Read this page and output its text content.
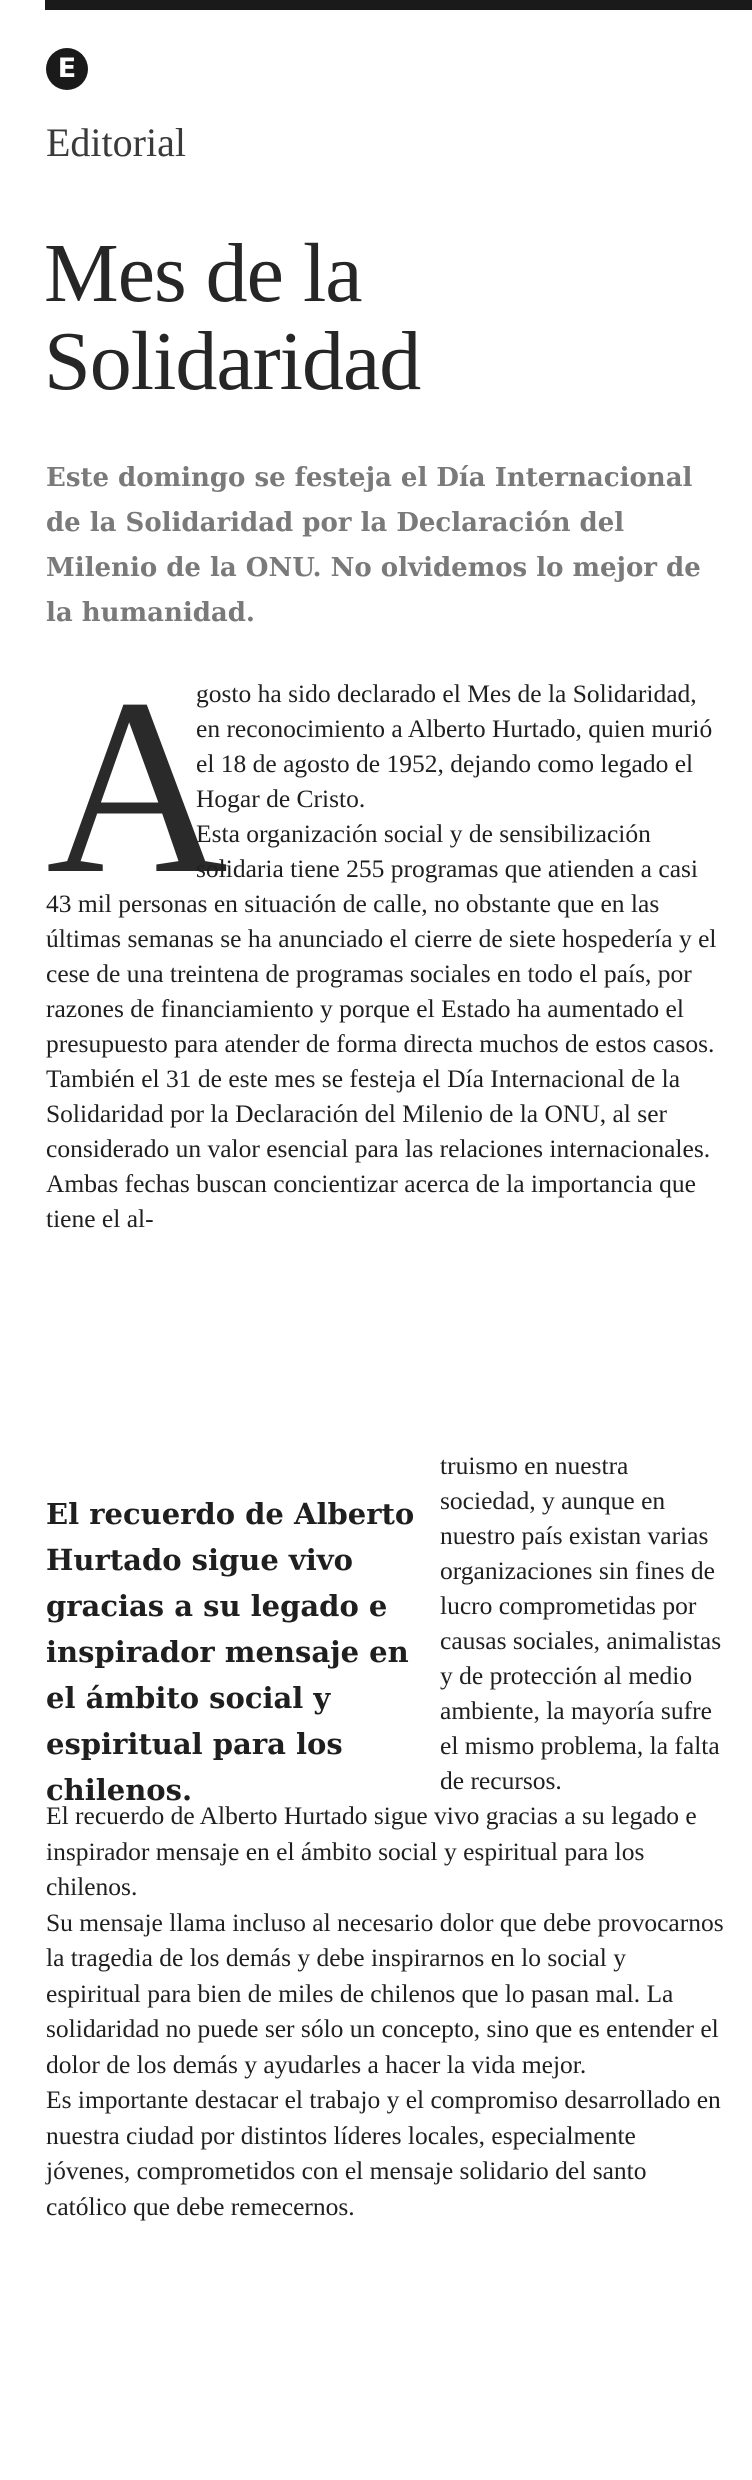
E
Editorial
Mes de la Solidaridad
Este domingo se festeja el Día Internacional de la Solidaridad por la Declaración del Milenio de la ONU. No olvidemos lo mejor de la humanidad.
A

gosto ha sido declarado el Mes de la Solidaridad, en reconocimiento a Alberto Hurtado, quien murió el 18 de agosto de 1952, dejando como legado el Hogar de Cristo.

Esta organización social y de sensibilización solidaria tiene 255 programas que atienden a casi 43 mil personas en situación de calle, no obstante que en las últimas semanas se ha anunciado el cierre de siete hospedería y el cese de una treintena de programas sociales en todo el país, por razones de financiamiento y porque el Estado ha aumentado el presupuesto para atender de forma directa muchos de estos casos.

También el 31 de este mes se festeja el Día Internacional de la Solidaridad por la Declaración del Milenio de la ONU, al ser considerado un valor esencial para las relaciones internacionales. Ambas fechas buscan concientizar acerca de la importancia que tiene el al-

El recuerdo de Alberto Hurtado sigue vivo gracias a su legado e inspirador mensaje en el ámbito social y espiritual para los chilenos.

truismo en nuestra sociedad, y aunque en nuestro país existan varias organizaciones sin fines de lucro comprometidas por causas sociales, animalistas y de protección al medio ambiente, la mayoría sufre el mismo problema, la falta de recursos.

El recuerdo de Alberto Hurtado sigue vivo gracias a su legado e inspirador mensaje en el ámbito social y espiritual para los chilenos.

Su mensaje llama incluso al necesario dolor que debe provocarnos la tragedia de los demás y debe inspirarnos en lo social y espiritual para bien de miles de chilenos que lo pasan mal. La solidaridad no puede ser sólo un concepto, sino que es entender el dolor de los demás y ayudarles a hacer la vida mejor.

Es importante destacar el trabajo y el compromiso desarrollado en nuestra ciudad por distintos líderes locales, especialmente jóvenes, comprometidos con el mensaje solidario del santo católico que debe remecernos.
